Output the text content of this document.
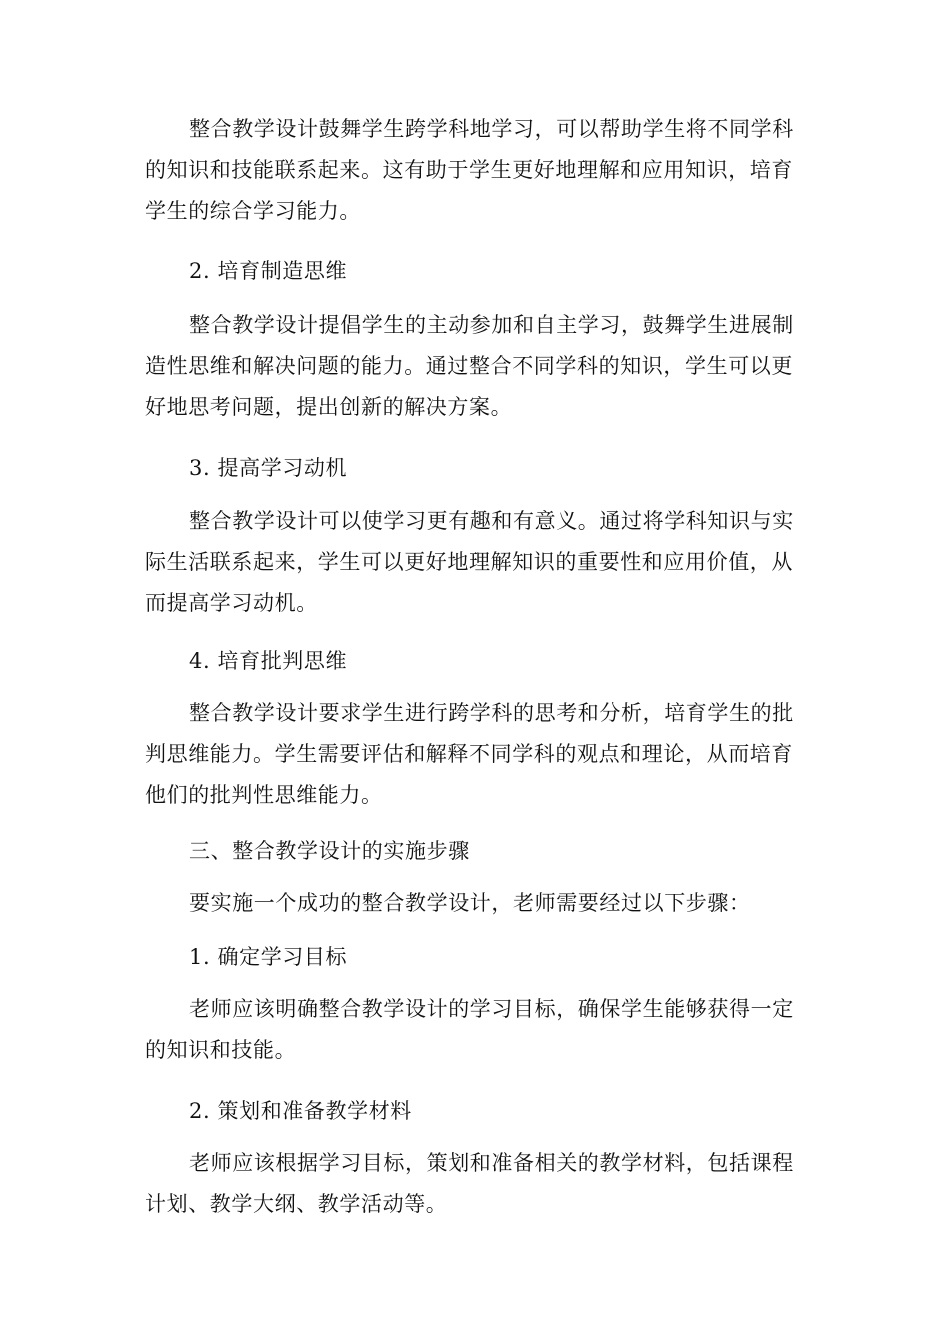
整合教学设计鼓舞学生跨学科地学习，可以帮助学生将不同学科的知识和技能联系起来。这有助于学生更好地理解和应用知识，培育学生的综合学习能力。

2. 培育制造思维

整合教学设计提倡学生的主动参加和自主学习，鼓舞学生进展制造性思维和解决问题的能力。通过整合不同学科的知识，学生可以更好地思考问题，提出创新的解决方案。

3. 提高学习动机

整合教学设计可以使学习更有趣和有意义。通过将学科知识与实际生活联系起来，学生可以更好地理解知识的重要性和应用价值，从而提高学习动机。

4. 培育批判思维

整合教学设计要求学生进行跨学科的思考和分析，培育学生的批判思维能力。学生需要评估和解释不同学科的观点和理论，从而培育他们的批判性思维能力。

三、整合教学设计的实施步骤

要实施一个成功的整合教学设计，老师需要经过以下步骤：

1. 确定学习目标

老师应该明确整合教学设计的学习目标，确保学生能够获得一定的知识和技能。

2. 策划和准备教学材料

老师应该根据学习目标，策划和准备相关的教学材料，包括课程计划、教学大纲、教学活动等。
